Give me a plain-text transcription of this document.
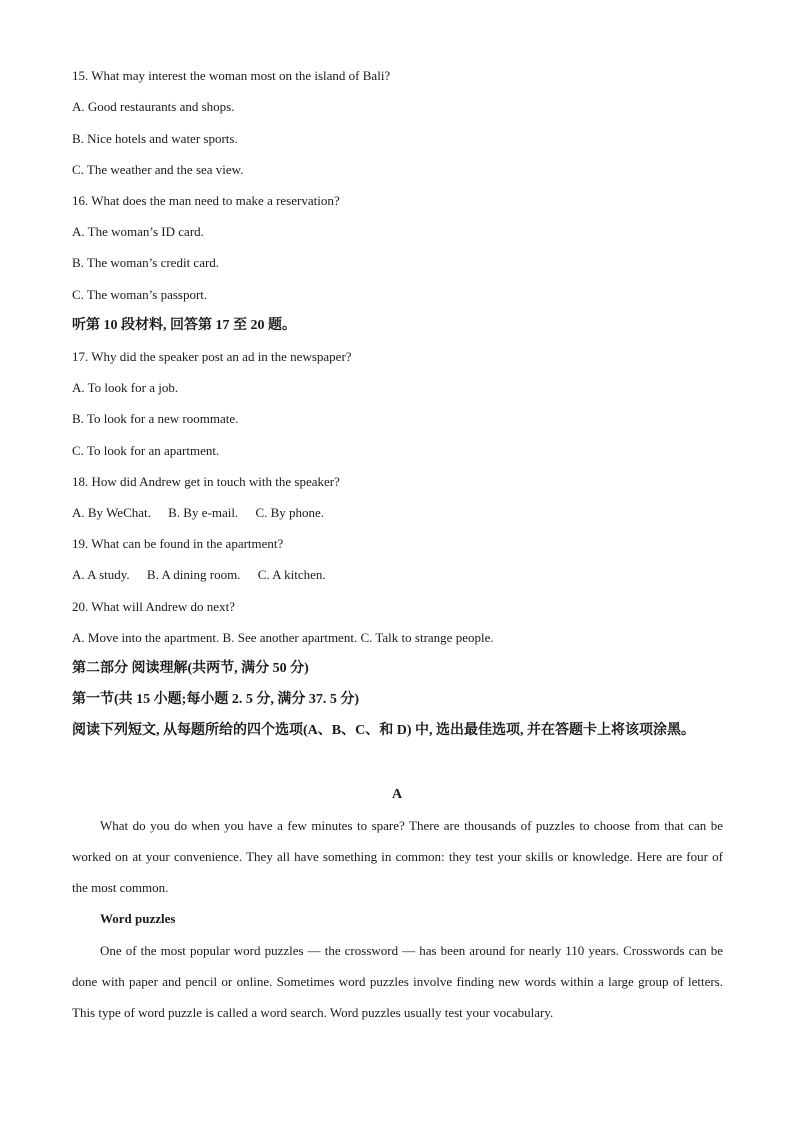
15. What may interest the woman most on the island of Bali?
A. Good restaurants and shops.
B. Nice hotels and water sports.
C. The weather and the sea view.
16. What does the man need to make a reservation?
A. The woman’s ID card.
B. The woman’s credit card.
C. The woman’s passport.
听第 10 段材料, 回答第 17 至 20 题。
17. Why did the speaker post an ad in the newspaper?
A. To look for a job.
B. To look for a new roommate.
C. To look for an apartment.
18. How did Andrew get in touch with the speaker?
A. By WeChat. B. By e-mail. C. By phone.
19. What can be found in the apartment?
A. A study. B. A dining room. C. A kitchen.
20. What will Andrew do next?
A. Move into the apartment. B. See another apartment. C. Talk to strange people.
第二部分 阅读理解(共两节, 满分 50 分)
第一节(共 15 小题;每小题 2. 5 分, 满分 37. 5 分)
阅读下列短文, 从每题所给的四个选项(A、B、C、和 D) 中, 选出最佳选项, 并在答题卡上将该项涂黑。
A
What do you do when you have a few minutes to spare? There are thousands of puzzles to choose from that can be worked on at your convenience. They all have something in common: they test your skills or knowledge. Here are four of the most common.
Word puzzles
One of the most popular word puzzles — the crossword — has been around for nearly 110 years. Crosswords can be done with paper and pencil or online. Sometimes word puzzles involve finding new words within a large group of letters. This type of word puzzle is called a word search. Word puzzles usually test your vocabulary.
